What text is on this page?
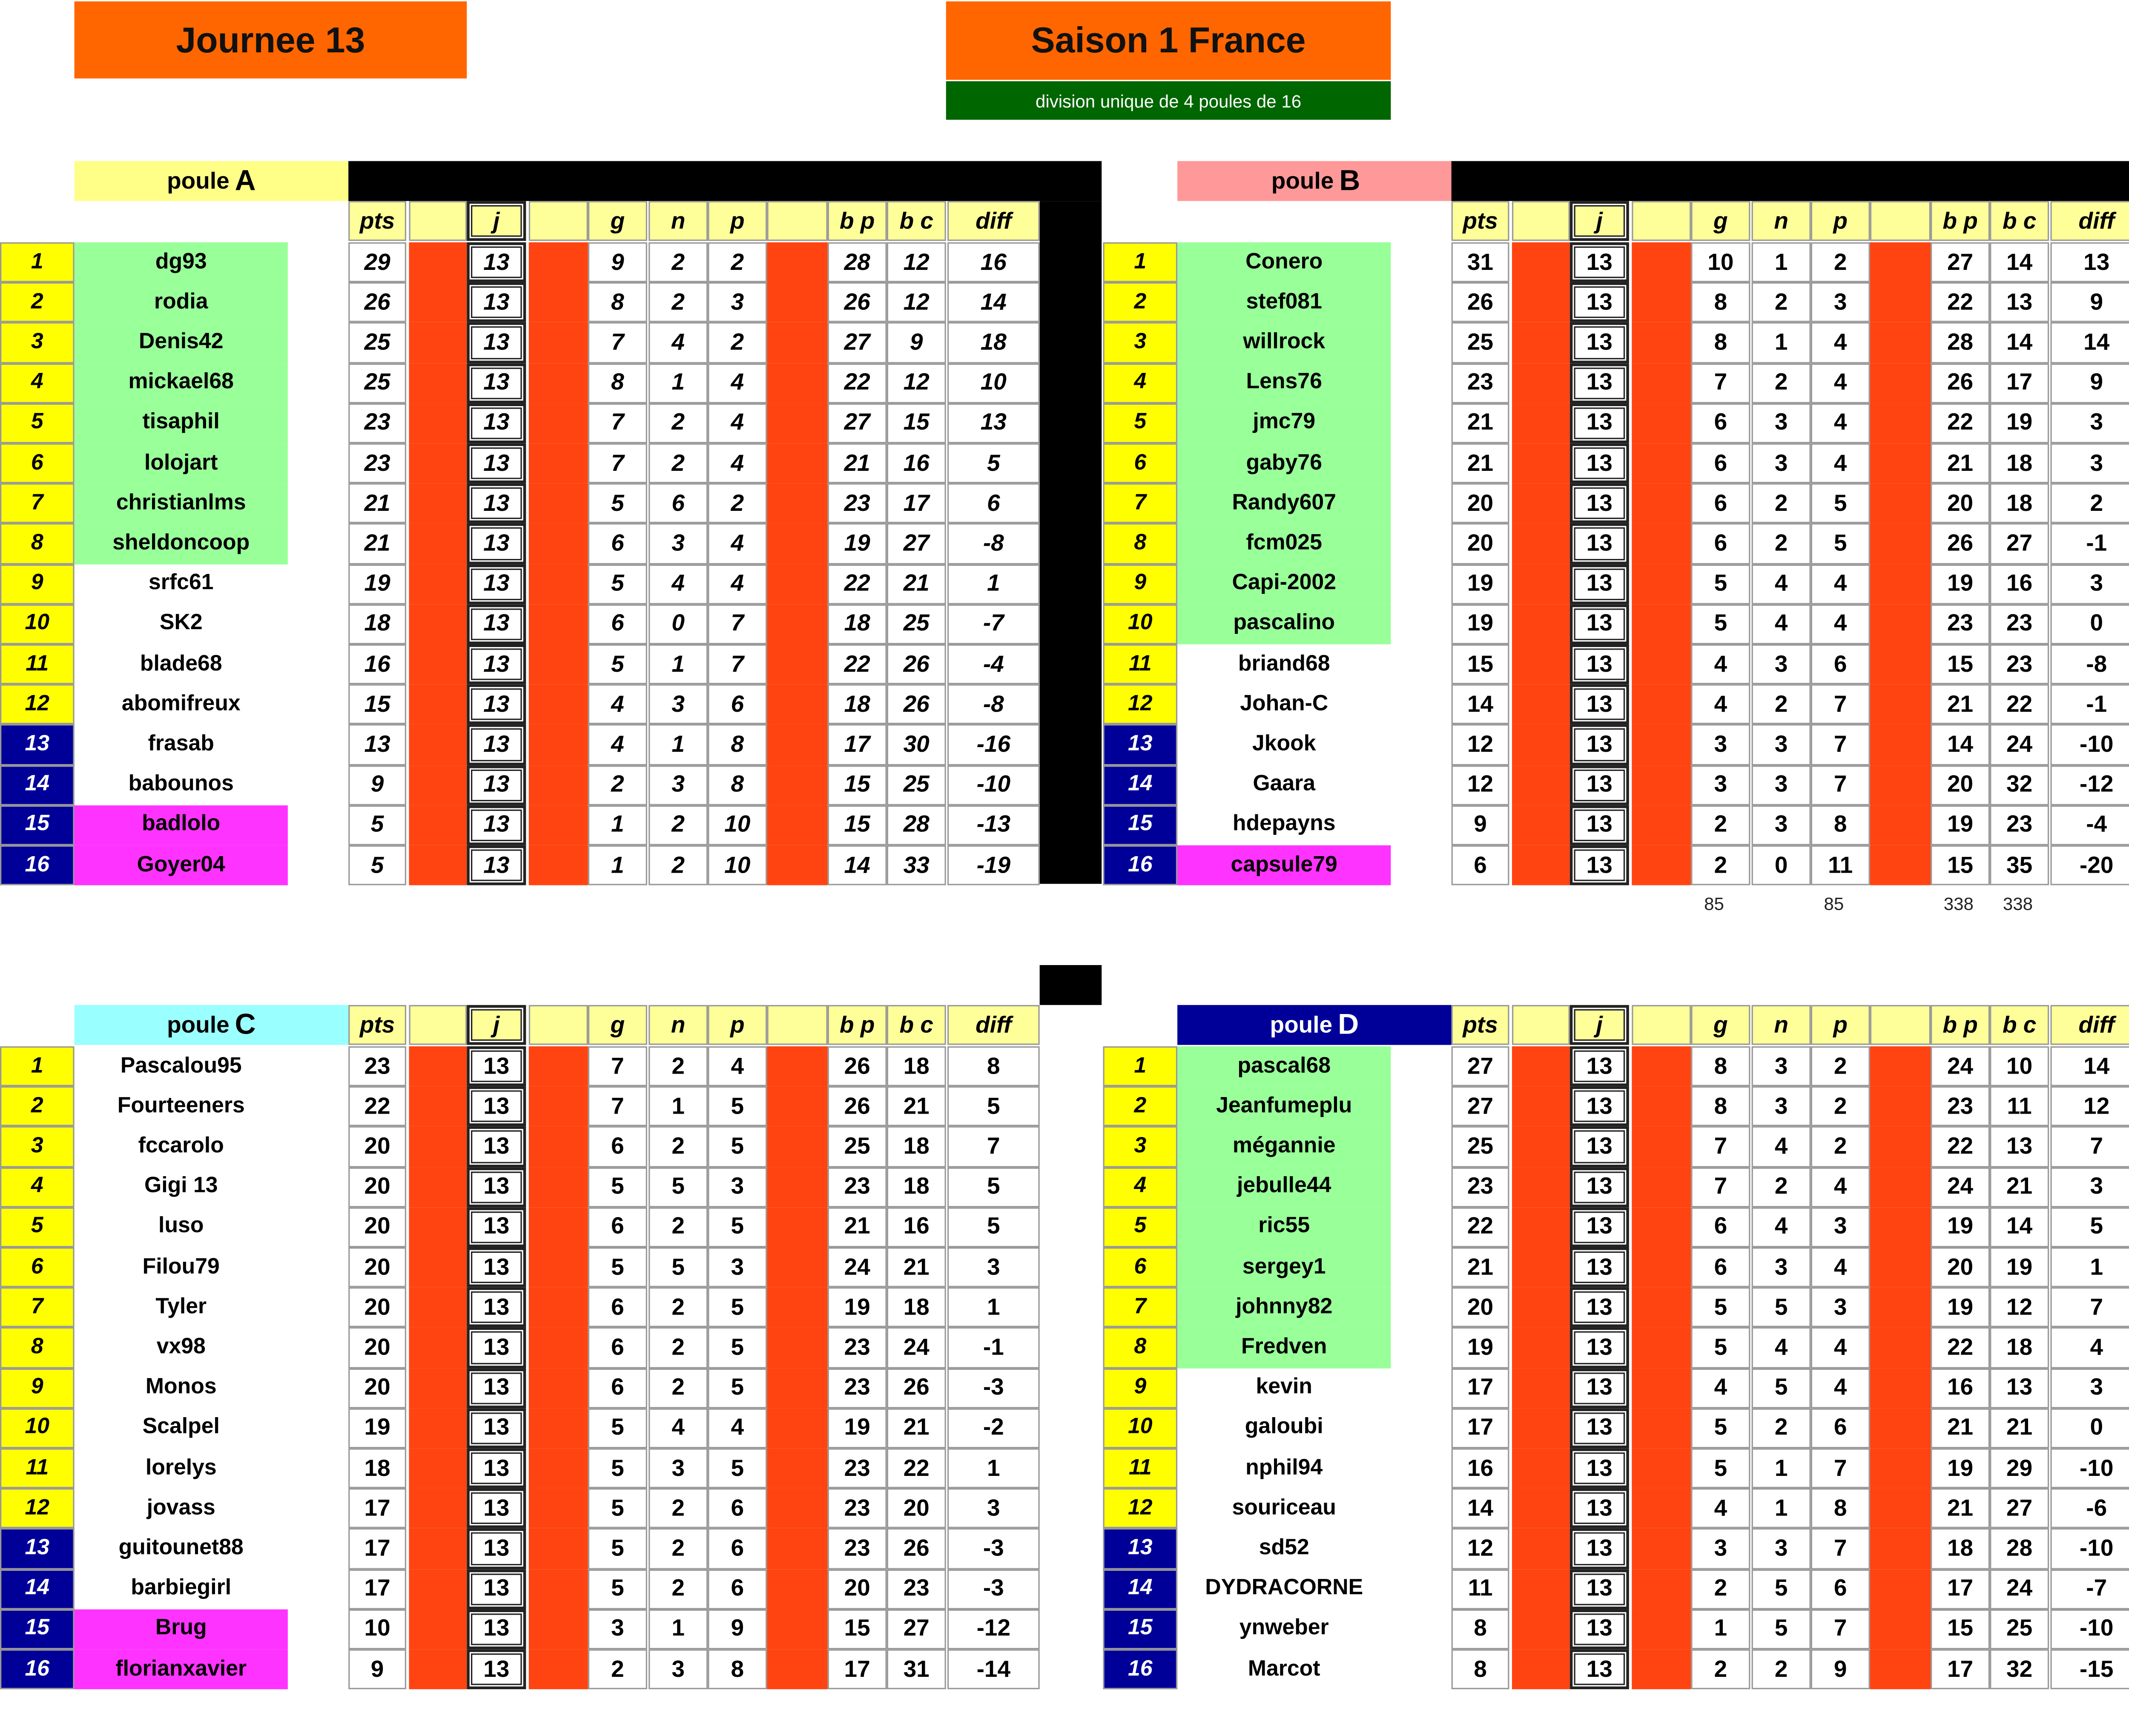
Journee 13	Saison 1 France
division unique de 4 poules de 16
poule A
pts	j	g	n	p	b p	b c	diff
1	dg93	29	13	9	2	2	28	12	16
2	rodia	26	13	8	2	3	26	12	14
3	Denis42	25	13	7	4	2	27	9	18
4	mickael68	25	13	8	1	4	22	12	10
5	tisaphil	23	13	7	2	4	27	15	13
6	lolojart	23	13	7	2	4	21	16	5
7	christianlms	21	13	5	6	2	23	17	6
8	sheldoncoop	21	13	6	3	4	19	27	-8
9	srfc61	19	13	5	4	4	22	21	1
10	SK2	18	13	6	0	7	18	25	-7
11	blade68	16	13	5	1	7	22	26	-4
12	abomifreux	15	13	4	3	6	18	26	-8
13	frasab	13	13	4	1	8	17	30	-16
14	babounos	9	13	2	3	8	15	25	-10
15	badlolo	5	13	1	2	10	15	28	-13
16	Goyer04	5	13	1	2	10	14	33	-19
poule B
pts	j	g	n	p	b p	b c	diff
1	Conero	31	13	10	1	2	27	14	13
2	stef081	26	13	8	2	3	22	13	9
3	willrock	25	13	8	1	4	28	14	14
4	Lens76	23	13	7	2	4	26	17	9
5	jmc79	21	13	6	3	4	22	19	3
6	gaby76	21	13	6	3	4	21	18	3
7	Randy607	20	13	6	2	5	20	18	2
8	fcm025	20	13	6	2	5	26	27	-1
9	Capi-2002	19	13	5	4	4	19	16	3
10	pascalino	19	13	5	4	4	23	23	0
11	briand68	15	13	4	3	6	15	23	-8
12	Johan-C	14	13	4	2	7	21	22	-1
13	Jkook	12	13	3	3	7	14	24	-10
14	Gaara	12	13	3	3	7	20	32	-12
15	hdepayns	9	13	2	3	8	19	23	-4
16	capsule79	6	13	2	0	11	15	35	-20
85	85	338	338
poule C	pts	j	g	n	p	b p	b c	diff
1	Pascalou95	23	13	7	2	4	26	18	8
2	Fourteeners	22	13	7	1	5	26	21	5
3	fccarolo	20	13	6	2	5	25	18	7
4	Gigi 13	20	13	5	5	3	23	18	5
5	luso	20	13	6	2	5	21	16	5
6	Filou79	20	13	5	5	3	24	21	3
7	Tyler	20	13	6	2	5	19	18	1
8	vx98	20	13	6	2	5	23	24	-1
9	Monos	20	13	6	2	5	23	26	-3
10	Scalpel	19	13	5	4	4	19	21	-2
11	lorelys	18	13	5	3	5	23	22	1
12	jovass	17	13	5	2	6	23	20	3
13	guitounet88	17	13	5	2	6	23	26	-3
14	barbiegirl	17	13	5	2	6	20	23	-3
15	Brug	10	13	3	1	9	15	27	-12
16	florianxavier	9	13	2	3	8	17	31	-14
poule D	pts	j	g	n	p	b p	b c	diff
1	pascal68	27	13	8	3	2	24	10	14
2	Jeanfumeplu	27	13	8	3	2	23	11	12
3	mégannie	25	13	7	4	2	22	13	7
4	jebulle44	23	13	7	2	4	24	21	3
5	ric55	22	13	6	4	3	19	14	5
6	sergey1	21	13	6	3	4	20	19	1
7	johnny82	20	13	5	5	3	19	12	7
8	Fredven	19	13	5	4	4	22	18	4
9	kevin	17	13	4	5	4	16	13	3
10	galoubi	17	13	5	2	6	21	21	0
11	nphil94	16	13	5	1	7	19	29	-10
12	souriceau	14	13	4	1	8	21	27	-6
13	sd52	12	13	3	3	7	18	28	-10
14	DYDRACORNE	11	13	2	5	6	17	24	-7
15	ynweber	8	13	1	5	7	15	25	-10
16	Marcot	8	13	2	2	9	17	32	-15
